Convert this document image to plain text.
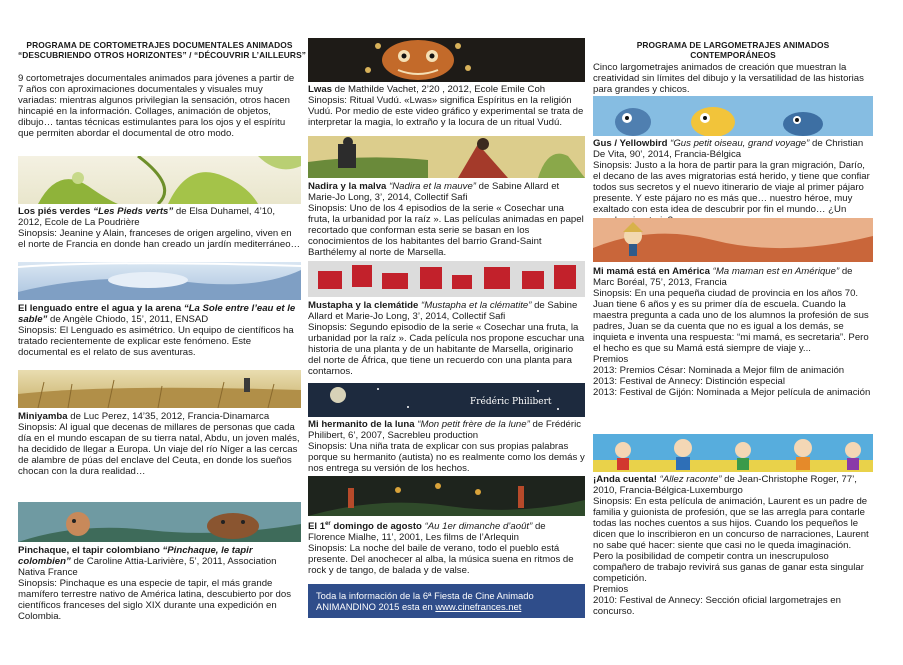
PROGRAMA DE CORTOMETRAJES DOCUMENTALES ANIMADOS
“DESCUBRIENDO OTROS HORIZONTES” / “DÉCOUVRIR L’AILLEURS”

9 cortometrajes documentales animados para jóvenes a partir de 7 años con aproximaciones documentales y visuales muy variadas: mientras algunos privilegian la sensación, otros hacen hincapié en la información. Collages, animación de objetos, dibujo… tantas técnicas estimulantes para los ojos y el espíritu que permiten abordar el documental de otro modo.

Los piés verdes “Les Pieds verts” de Elsa Duhamel, 4’10, 2012, Ecole de La Poudrière

Sinopsis: Jeanine y Alain, franceses de origen argelino, viven en el norte de Francia en donde han creado un jardín mediterráneo…

El lenguado entre el agua y la arena “La Sole entre l’eau et le sable” de Angèle Chiodo, 15’, 2011, ENSAD

Sinopsis: El Lenguado es asimétrico. Un equipo de científicos ha tratado recientemente de explicar este fenómeno. Este documental es el relato de sus aventuras.

Miniyamba de Luc Perez, 14’35, 2012, Francia-Dinamarca

Sinopsis: Al igual que decenas de millares de personas que cada día en el mundo escapan de su tierra natal, Abdu, un joven malés, ha decidido de llegar a Europa. Un viaje del río Níger a las cercas de alambre de púas del enclave del Ceuta, en donde los sueños chocan con la dura realidad…

Pinchaque, el tapir colombiano “Pinchaque, le tapir colombien” de Caroline Attia-Larivière, 5’, 2011, Association Nativa France

Sinopsis: Pinchaque es una especie de tapir, el más grande mamífero terrestre nativo de América latina, descubierto por dos científicos franceses del siglo XIX durante una expedición en Colombia.

Lwas de Mathilde Vachet, 2’20 , 2012, Ecole Emile Coh

Sinopsis: Ritual Vudú. «Lwas» significa Espíritus en la religión Vudú. Por medio de este video gráfico y experimental se trata de interpretar la magia, lo extraño y la locura de un ritual Vudú.

Nadira y la malva “Nadira et la mauve” de Sabine Allard et Marie-Jo Long, 3’, 2014, Collectif Safi

Sinopsis: Uno de los 4 episodios de la serie « Cosechar una fruta, la urbanidad por la raíz ». Las películas animadas en papel recortado que conforman esta serie se basan en los conocimientos de los habitantes del barrio Grand-Saint Barthélemy al norte de Marsella.

Mustapha y la clemátide “Mustapha et la clématite” de Sabine Allard et Marie-Jo Long, 3’, 2014, Collectif Safi

Sinopsis: Segundo episodio de la serie « Cosechar una fruta, la urbanidad por la raíz ». Cada película nos propone escuchar una historia de una planta y de un habitante de Marsella, originario del norte de África, que tiene un recuerdo con una planta para contarnos.

Frédéric Philibert

Mi hermanito de la luna “Mon petit frère de la lune” de Frédéric Philibert, 6’, 2007, Sacrebleu production

Sinopsis: Una niña trata de explicar con sus propias palabras porque su hermanito (autista) no es realmente como los demás y nos entrega su versión de los hechos.

El 1er domingo de agosto “Au 1er dimanche d’août” de Florence Mialhe, 11’, 2001, Les films de l’Arlequin

Sinopsis: La noche del baile de verano, todo el pueblo está presente. Del anochecer al alba, la música suena en ritmos de rock y de tango, de balada y de valse.

Toda la información de la 6ª Fiesta de Cine Animado ANIMANDINO 2015 esta en www.cinefrances.net
PROGRAMA DE LARGOMETRAJES ANIMADOS CONTEMPORÁNEOS

Cinco largometrajes animados de creación que muestran la creatividad sin límites del dibujo y la versatilidad de las historias para grandes y chicos.

Gus / Yellowbird “Gus petit oiseau, grand voyage” de Christian De Vita, 90’, 2014, Francia-Bélgica

Sinopsis: Justo a la hora de partir para la gran migración, Darío, el decano de las aves migratorias está herido, y tiene que confiar todos sus secretos y el nuevo itinerario de viaje al primer pájaro presente. Y este pájaro no es más que… nuestro héroe, muy exaltado con esta idea de descubrir por fin el mundo… ¿Un

Mi mamá está en América “Ma maman est en Amérique” de Marc Boréal, 75’, 2013, Francia

Sinopsis: En una pequeña ciudad de provincia en los años 70. Juan tiene 6 años y es su primer día de escuela. Cuando la maestra pregunta a cada uno de los alumnos la profesión de sus padres, Juan se da cuenta que no es igual a los demás, se inquieta e inventa una respuesta: “mi mamá, es secretaria”. Pero el hecho es que su Mamá está siempre de viaje y...

Premios
2013: Premios César: Nominada a Mejor film de animación
2013: Festival de Annecy: Distinción especial
2013: Festival de Gijón: Nominada a Mejor película de animación

¡Anda cuenta! “Allez raconte” de Jean-Christophe Roger, 77’, 2010, Francia-Bélgica-Luxemburgo

Sinopsis: En esta película de animación, Laurent es un padre de familia y guionista de profesión, que se las arregla para contarle todas las noches cuentos a sus hijos. Cuando los pequeños le dicen que lo inscribieron en un concurso de narraciones, Laurent no sabe qué hacer: siente que casi no le queda imaginación. Pero la posibilidad de competir contra un inescrupuloso compañero de trabajo revivirá sus ganas de ganar esta singular competición.

Premios
2010: Festival de Annecy: Sección oficial largometrajes en concurso.
